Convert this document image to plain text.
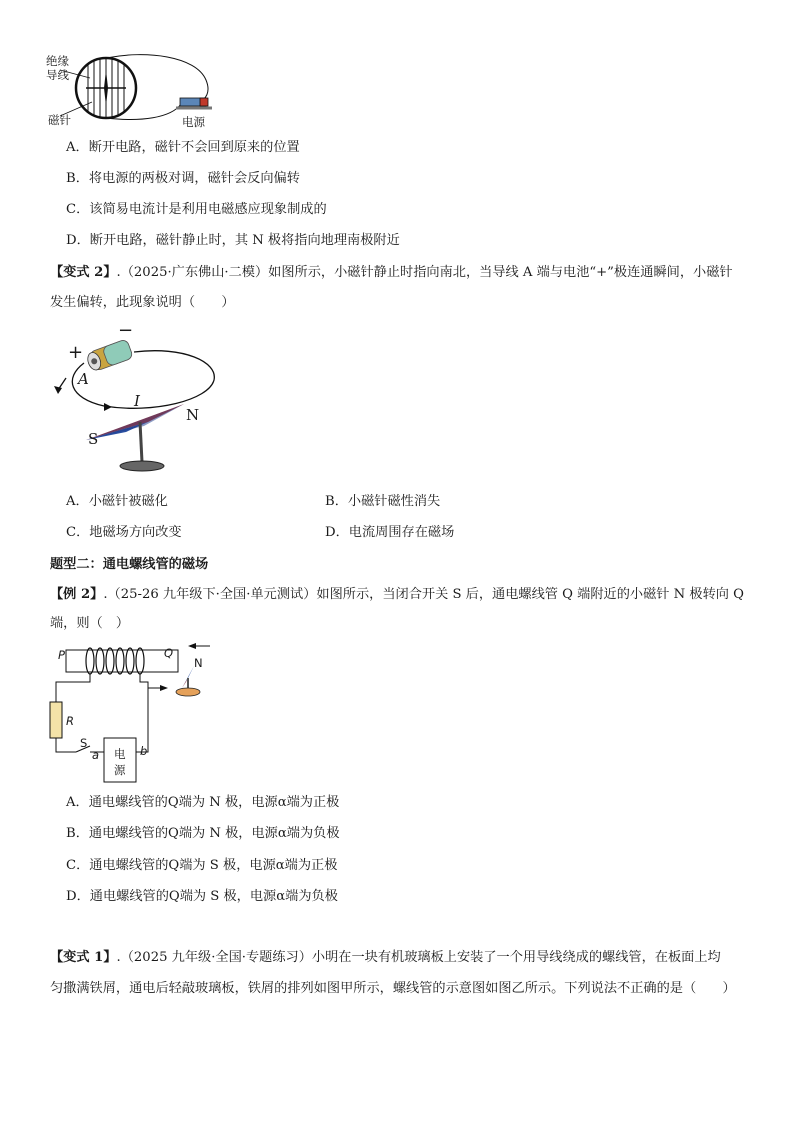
绝缘
导线
磁针	电源
A．断开电路，磁针不会回到原来的位置
B．将电源的两极对调，磁针会反向偏转
C．该简易电流计是利用电磁感应现象制成的
D．断开电路，磁针静止时，其 N 极将指向地理南极附近
【变式 2】.（2025·广东佛山·二模）如图所示，小磁针静止时指向南北，当导线 A 端与电池“+”极连通瞬间，小磁针
发生偏转，此现象说明（　　）
−
+
A
I
N
S
A．小磁针被磁化	B．小磁针磁性消失
C．地磁场方向改变	D．电流周围存在磁场
题型二：通电螺线管的磁场
【例 2】.（25-26 九年级下·全国·单元测试）如图所示，当闭合开关 S 后，通电螺线管 Q 端附近的小磁针 N 极转向 Q
端，则（　）
P	Q
N
R
S
a	b
电
源
A．通电螺线管的Q端为 N 极，电源α端为正极
B．通电螺线管的Q端为 N 极，电源α端为负极
C．通电螺线管的Q端为 S 极，电源α端为正极
D．通电螺线管的Q端为 S 极，电源α端为负极
【变式 1】.（2025 九年级·全国·专题练习）小明在一块有机玻璃板上安装了一个用导线绕成的螺线管，在板面上均
匀撒满铁屑，通电后轻敲玻璃板，铁屑的排列如图甲所示，螺线管的示意图如图乙所示。下列说法不正确的是（　　）
